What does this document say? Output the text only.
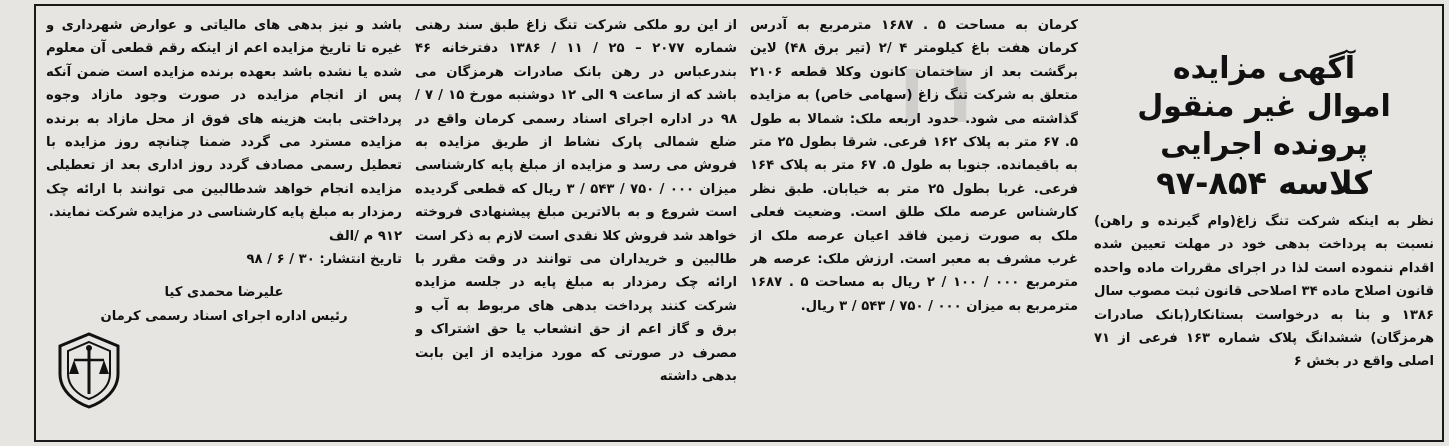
ا ا	آگهی مزایده
اموال غیر منقول
پرونده اجرایی
کلاسه ۸۵۴-۹۷

نظر به اینکه شرکت تنگ زاغ(وام گیرنده و راهن) نسبت به پرداخت بدهی خود در مهلت تعیین شده اقدام ننموده است لذا در اجرای مقررات ماده واحده قانون اصلاح ماده ۳۴ اصلاحی قانون ثبت مصوب سال ۱۳۸۶ و بنا به درخواست بستانکار(بانک صادرات هرمزگان) ششدانگ پلاک شماره ۱۶۳ فرعی از ۷۱ اصلی واقع در بخش ۶

کرمان به مساحت ۵ . ۱۶۸۷ مترمربع به آدرس کرمان هفت باغ کیلومتر ۴ /۲ (تیر برق ۴۸) لاین برگشت بعد از ساختمان کانون وکلا قطعه ۲۱۰۶ متعلق به شرکت تنگ زاغ (سهامی خاص) به مزایده گذاشته می شود. حدود اربعه ملک: شمالا به طول ۵. ۶۷ متر به پلاک ۱۶۲ فرعی. شرقا بطول ۲۵ متر به باقیمانده. جنوبا به طول ۵. ۶۷ متر به پلاک ۱۶۴ فرعی. غربا بطول ۲۵ متر به خیابان. طبق نظر کارشناس عرصه ملک طلق است. وضعیت فعلی ملک به صورت زمین فاقد اعیان عرصه ملک از غرب مشرف به معبر است. ارزش ملک: عرصه هر مترمربع ۰۰۰ / ۱۰۰ / ۲ ریال به مساحت ۵ . ۱۶۸۷ مترمربع به میزان ۰۰۰ / ۷۵۰ / ۵۴۳ / ۳ ریال.

از این رو ملکی شرکت تنگ زاغ طبق سند رهنی شماره ۲۰۷۷ – ۲۵ / ۱۱ / ۱۳۸۶ دفترخانه ۴۶ بندرعباس در رهن بانک صادرات هرمزگان می باشد که از ساعت ۹ الی ۱۲ دوشنبه مورخ ۱۵ / ۷ / ۹۸ در اداره اجرای اسناد رسمی کرمان واقع در ضلع شمالی پارک نشاط از طریق مزایده به فروش می رسد و مزایده از مبلغ پایه کارشناسی میزان ۰۰۰ / ۷۵۰ / ۵۴۳ / ۳ ریال که قطعی گردیده است شروع و به بالاترین مبلغ پیشنهادی فروخته خواهد شد فروش کلا نقدی است لازم به ذکر است طالبین و خریداران می توانند در وقت مقرر با ارائه چک رمزدار به مبلغ پایه در جلسه مزایده شرکت کنند پرداخت بدهی های مربوط به آب و برق و گاز اعم از حق انشعاب یا حق اشتراک و مصرف در صورتی که مورد مزایده از این بابت بدهی داشته

باشد و نیز بدهی های مالیاتی و عوارض شهرداری و غیره تا تاریخ مزایده اعم از اینکه رقم قطعی آن معلوم شده یا نشده باشد بعهده برنده مزایده است ضمن آنکه پس از انجام مزایده در صورت وجود مازاد وجوه پرداختی بابت هزینه های فوق از محل مازاد به برنده مزایده مسترد می گردد ضمنا چنانچه روز مزایده با تعطیل رسمی مصادف گردد روز اداری بعد از تعطیلی مزایده انجام خواهد شدطالبین می توانند با ارائه چک رمزدار به مبلغ پایه کارشناسی در مزایده شرکت نمایند.

۹۱۲ م /الف
تاریخ انتشار: ۳۰ / ۶ / ۹۸
علیرضا محمدی کیا
رئیس اداره اجرای اسناد رسمی کرمان
